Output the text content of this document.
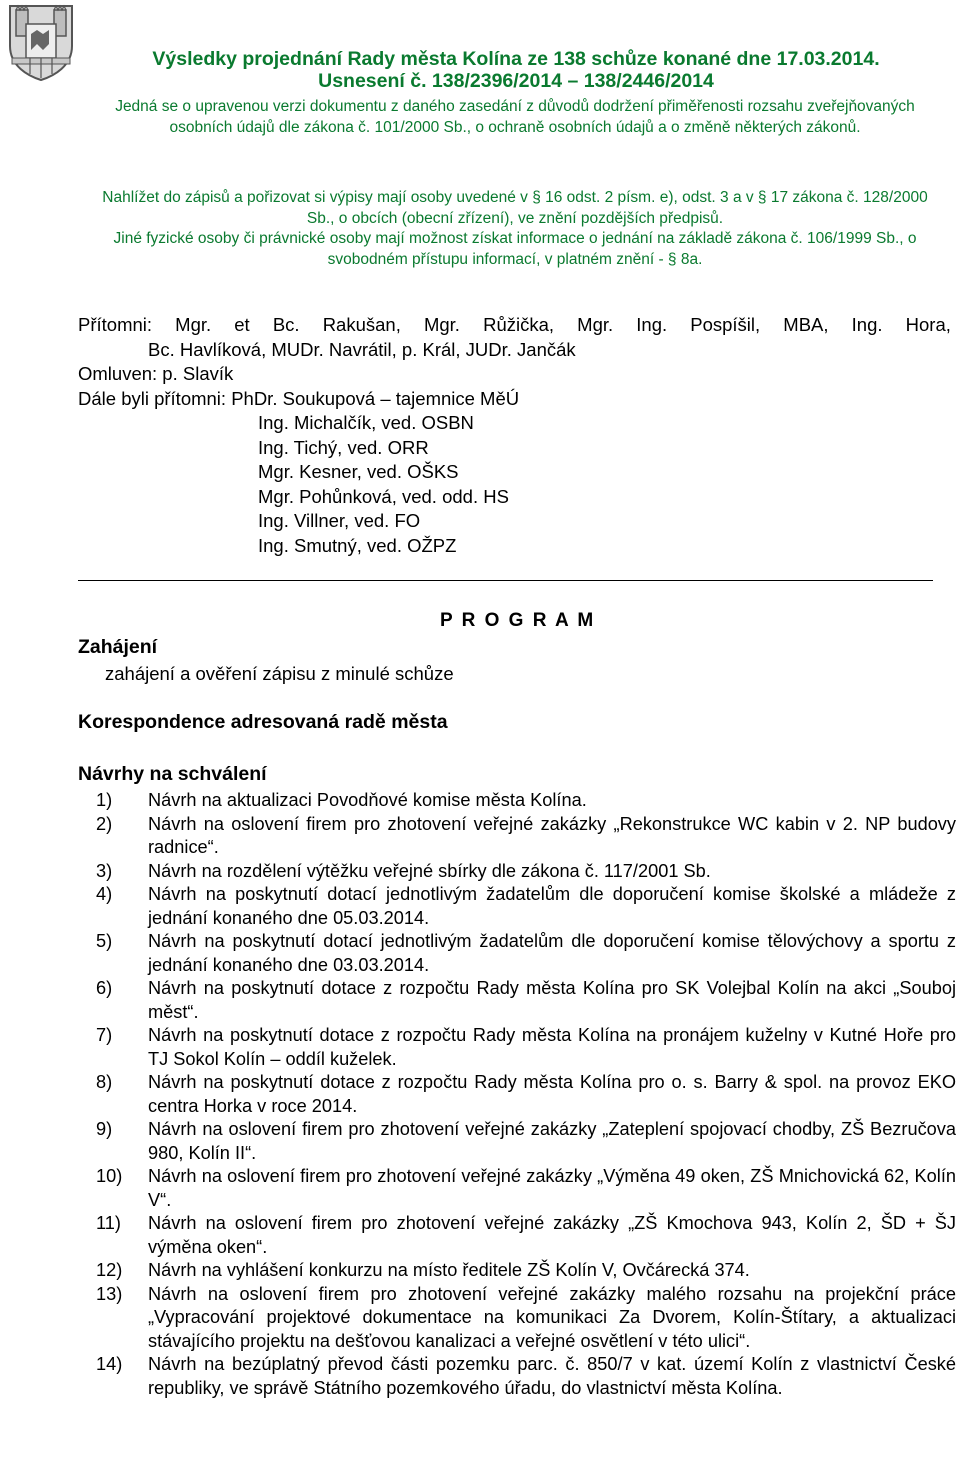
Výsledky projednání Rady města Kolína ze 138 schůze konané dne 17.03.2014.
Usnesení č. 138/2396/2014 – 138/2446/2014
Jedná se o upravenou verzi dokumentu z daného zasedání z důvodů dodržení přiměřenosti rozsahu zveřejňovaných osobních údajů dle zákona č. 101/2000 Sb., o ochraně osobních údajů a o změně některých zákonů.
Nahlížet do zápisů a pořizovat si výpisy mají osoby uvedené v § 16 odst. 2 písm. e), odst. 3 a v § 17 zákona č. 128/2000 Sb., o obcích (obecní zřízení), ve znění pozdějších předpisů.
Jiné fyzické osoby či právnické osoby mají možnost získat informace o jednání na základě zákona č. 106/1999 Sb., o svobodném přístupu informací, v platném znění - § 8a.
Přítomni: Mgr. et Bc. Rakušan, Mgr. Růžička, Mgr. Ing. Pospíšil, MBA, Ing. Hora,
Bc. Havlíková, MUDr. Navrátil, p. Král, JUDr. Jančák
Omluven: p. Slavík
Dále byli přítomni: PhDr. Soukupová – tajemnice MěÚ
Ing. Michalčík, ved. OSBN
Ing. Tichý, ved. ORR
Mgr. Kesner, ved. OŠKS
Mgr. Pohůnková, ved. odd. HS
Ing. Villner, ved. FO
Ing. Smutný, ved. OŽPZ
P R O G R A M
Zahájení
zahájení a ověření zápisu z minulé schůze
Korespondence adresovaná radě města
Návrhy na schválení
1) Návrh na aktualizaci Povodňové komise města Kolína.
2) Návrh na oslovení firem pro zhotovení veřejné zakázky „Rekonstrukce WC kabin v 2. NP budovy radnice“.
3) Návrh na rozdělení výtěžku veřejné sbírky dle zákona č. 117/2001 Sb.
4) Návrh na poskytnutí dotací jednotlivým žadatelům dle doporučení komise školské a mládeže z jednání konaného dne 05.03.2014.
5) Návrh na poskytnutí dotací jednotlivým žadatelům dle doporučení komise tělovýchovy a sportu z jednání konaného dne 03.03.2014.
6) Návrh na poskytnutí dotace z rozpočtu Rady města Kolína pro SK Volejbal Kolín na akci „Souboj měst“.
7) Návrh na poskytnutí dotace z rozpočtu Rady města Kolína na pronájem kuželny v Kutné Hoře pro TJ Sokol Kolín – oddíl kuželek.
8) Návrh na poskytnutí dotace z rozpočtu Rady města Kolína pro o. s. Barry & spol. na provoz EKO centra Horka v roce 2014.
9) Návrh na oslovení firem pro zhotovení veřejné zakázky „Zateplení spojovací chodby, ZŠ Bezručova 980, Kolín II“.
10) Návrh na oslovení firem pro zhotovení veřejné zakázky „Výměna 49 oken, ZŠ Mnichovická 62, Kolín V“.
11) Návrh na oslovení firem pro zhotovení veřejné zakázky „ZŠ Kmochova 943, Kolín 2, ŠD + ŠJ výměna oken“.
12) Návrh na vyhlášení konkurzu na místo ředitele ZŠ Kolín V, Ovčárecká 374.
13) Návrh na oslovení firem pro zhotovení veřejné zakázky malého rozsahu na projekční práce „Vypracování projektové dokumentace na komunikaci Za Dvorem, Kolín-Štítary, a aktualizaci stávajícího projektu na dešťovou kanalizaci a veřejné osvětlení v této ulici“.
14) Návrh na bezúplatný převod části pozemku parc. č. 850/7 v kat. území Kolín z vlastnictví České republiky, ve správě Státního pozemkového úřadu, do vlastnictví města Kolína.
